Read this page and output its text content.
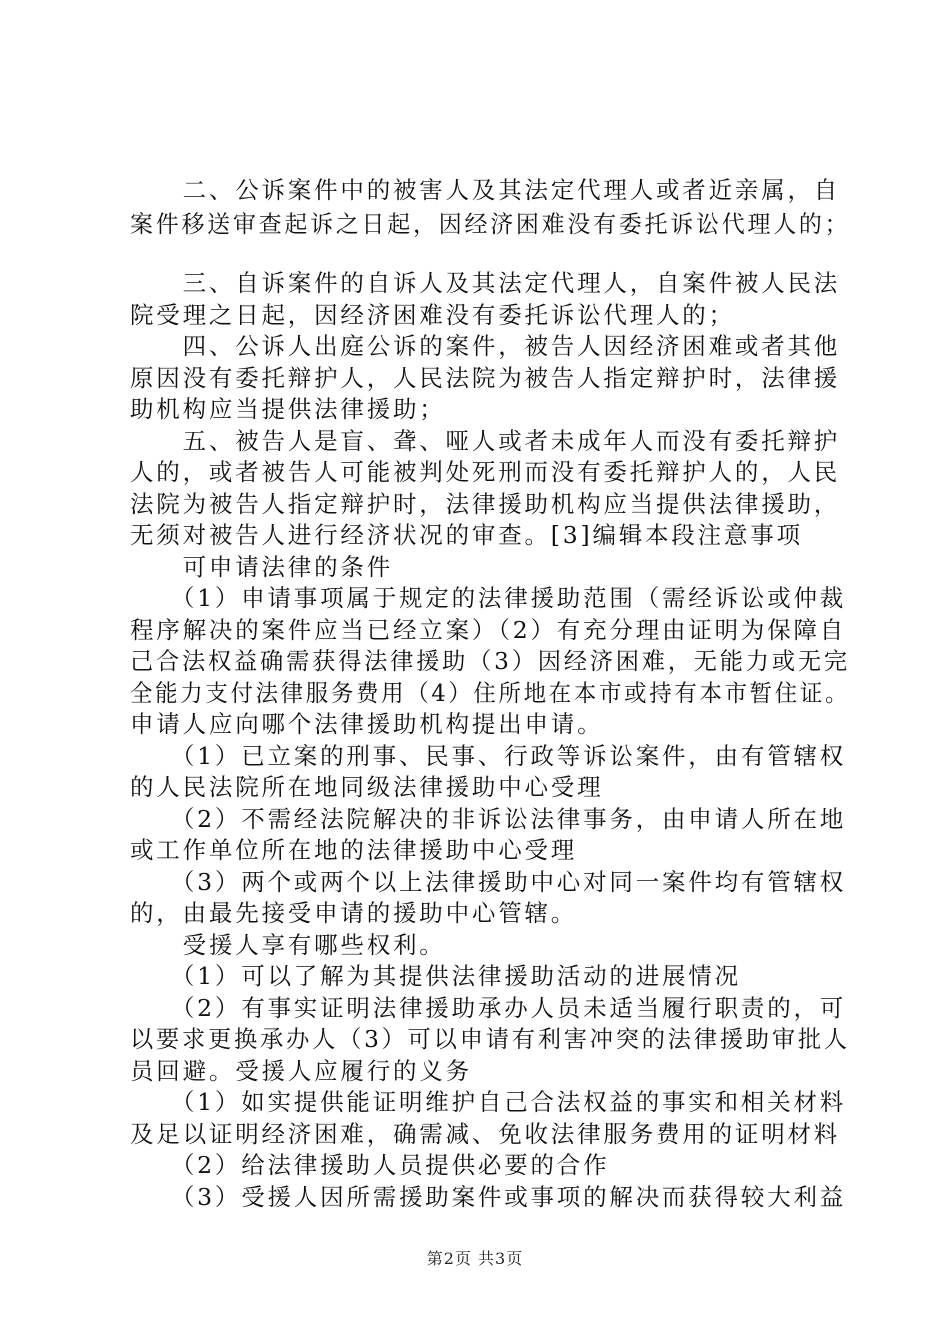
　　二、公诉案件中的被害人及其法定代理人或者近亲属，自
案件移送审查起诉之日起，因经济困难没有委托诉讼代理人的；
　　三、自诉案件的自诉人及其法定代理人，自案件被人民法
院受理之日起，因经济困难没有委托诉讼代理人的；
　　四、公诉人出庭公诉的案件，被告人因经济困难或者其他
原因没有委托辩护人，人民法院为被告人指定辩护时，法律援
助机构应当提供法律援助；
　　五、被告人是盲、聋、哑人或者未成年人而没有委托辩护
人的，或者被告人可能被判处死刑而没有委托辩护人的，人民
法院为被告人指定辩护时，法律援助机构应当提供法律援助，
无须对被告人进行经济状况的审查。[3]编辑本段注意事项
　　可申请法律的条件
　　（1）申请事项属于规定的法律援助范围（需经诉讼或仲裁
程序解决的案件应当已经立案）（2）有充分理由证明为保障自
己合法权益确需获得法律援助（3）因经济困难，无能力或无完
全能力支付法律服务费用（4）住所地在本市或持有本市暂住证。
申请人应向哪个法律援助机构提出申请。
　　（1）已立案的刑事、民事、行政等诉讼案件，由有管辖权
的人民法院所在地同级法律援助中心受理
　　（2）不需经法院解决的非诉讼法律事务，由申请人所在地
或工作单位所在地的法律援助中心受理
　　（3）两个或两个以上法律援助中心对同一案件均有管辖权
的，由最先接受申请的援助中心管辖。
　　受援人享有哪些权利。
　　（1）可以了解为其提供法律援助活动的进展情况
　　（2）有事实证明法律援助承办人员未适当履行职责的，可
以要求更换承办人（3）可以申请有利害冲突的法律援助审批人
员回避。受援人应履行的义务
　　（1）如实提供能证明维护自己合法权益的事实和相关材料
及足以证明经济困难，确需减、免收法律服务费用的证明材料
　　（2）给法律援助人员提供必要的合作
　　（3）受援人因所需援助案件或事项的解决而获得较大利益
第2页 共3页
